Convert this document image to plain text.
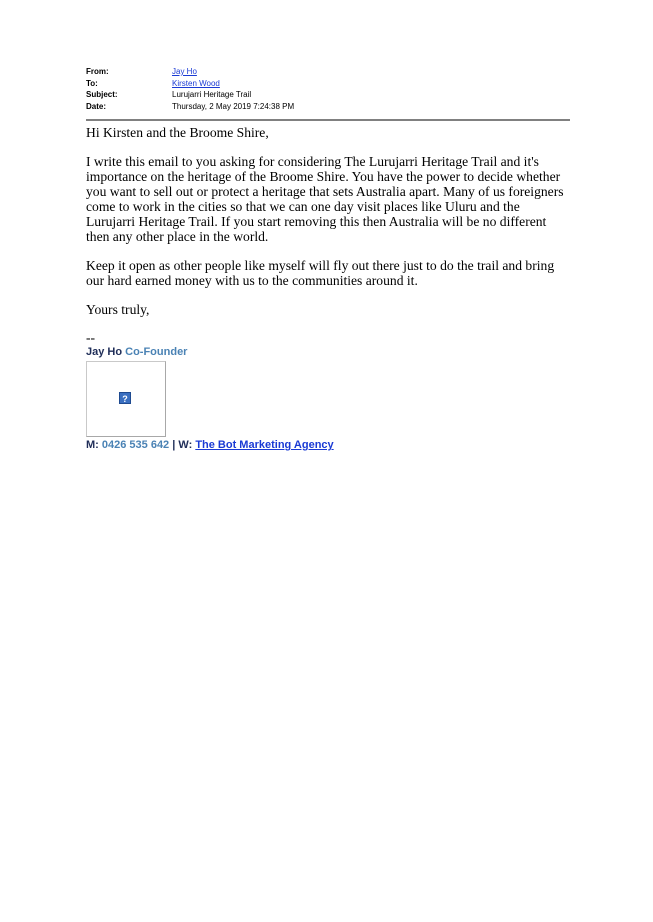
From:	Jay Ho
To:	Kirsten Wood
Subject:	Lurujarri Heritage Trail
Date:	Thursday, 2 May 2019 7:24:38 PM

Hi Kirsten and the Broome Shire,

I write this email to you asking for considering The Lurujarri Heritage Trail and it's importance on the heritage of the Broome Shire. You have the power to decide whether you want to sell out or protect a heritage that sets Australia apart. Many of us foreigners come to work in the cities so that we can one day visit places like Uluru and the Lurujarri Heritage Trail. If you start removing this then Australia will be no different then any other place in the world.

Keep it open as other people like myself will fly out there just to do the trail and bring our hard earned money with us to the communities around it.

Yours truly,

--
Jay Ho Co-Founder
?
M: 0426 535 642 | W: The Bot Marketing Agency
